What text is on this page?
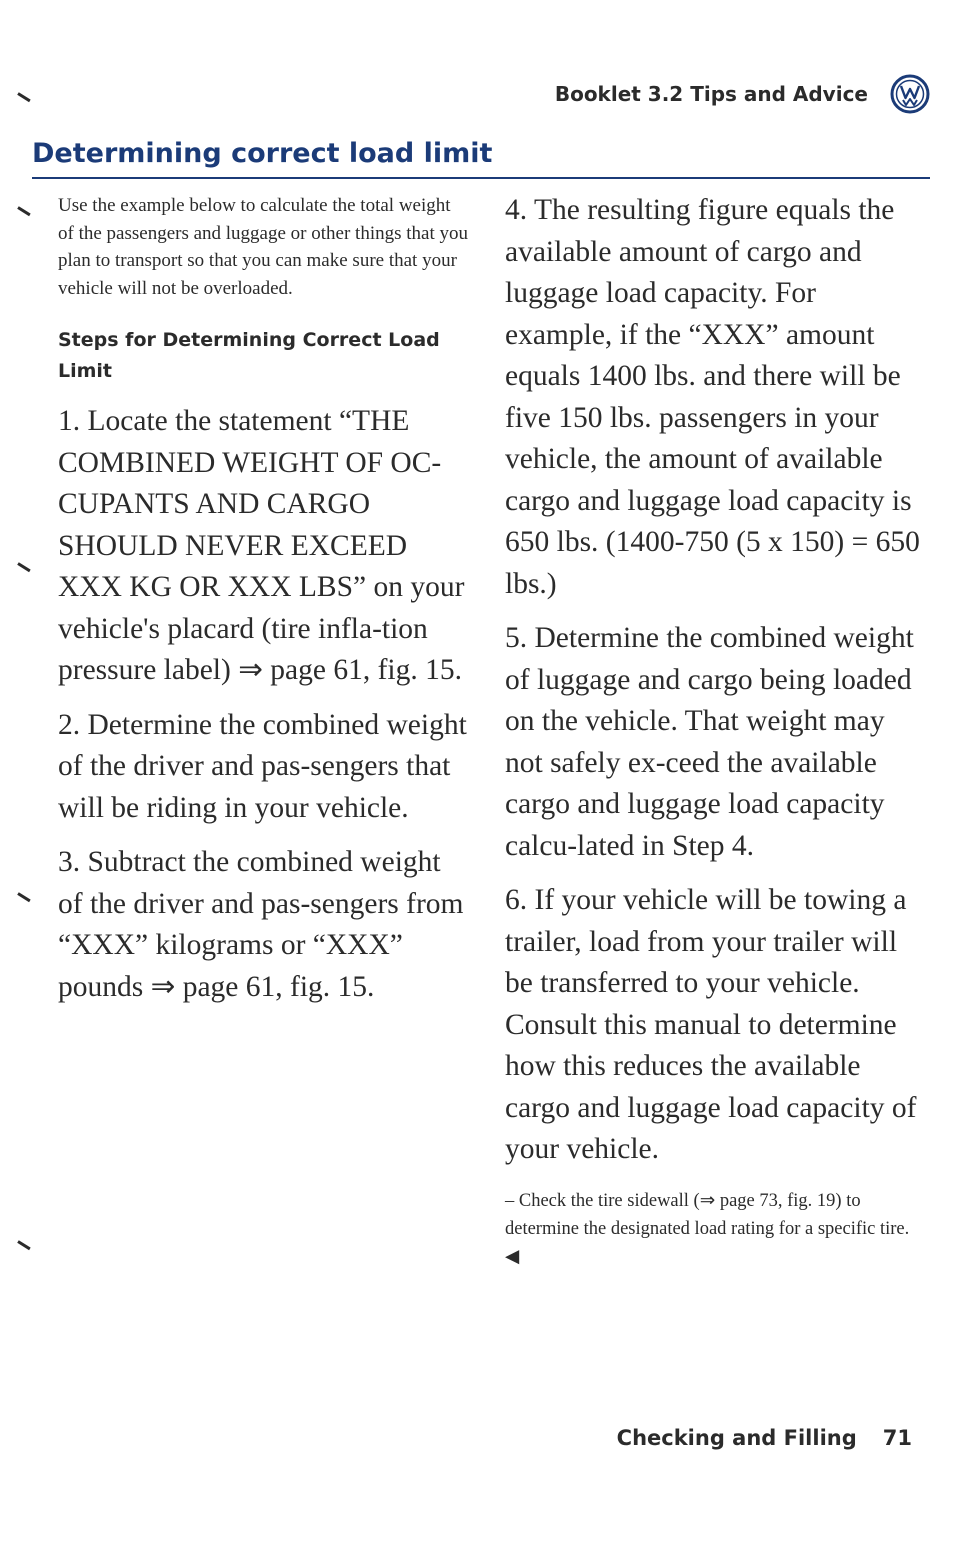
Booklet 3.2 Tips and Advice
Determining correct load limit

Use the example below to calculate the total weight of the passengers and luggage or other things that you plan to transport so that you can make sure that your vehicle will not be overloaded.

Steps for Determining Correct Load Limit

1. Locate the statement “THE COMBINED WEIGHT OF OC-CUPANTS AND CARGO SHOULD NEVER EXCEED XXX KG OR XXX LBS” on your vehicle's placard (tire infla-tion pressure label) ⇒ page 61, fig. 15.

2. Determine the combined weight of the driver and pas-sengers that will be riding in your vehicle.

3. Subtract the combined weight of the driver and pas-sengers from “XXX” kilograms or “XXX” pounds ⇒ page 61, fig. 15.

4. The resulting figure equals the available amount of cargo and luggage load capacity. For example, if the “XXX” amount equals 1400 lbs. and there will be five 150 lbs. passengers in your vehicle, the amount of available cargo and luggage load capacity is 650 lbs. (1400-750 (5 x 150) = 650 lbs.)

5. Determine the combined weight of luggage and cargo being loaded on the vehicle. That weight may not safely ex-ceed the available cargo and luggage load capacity calcu-lated in Step 4.

6. If your vehicle will be towing a trailer, load from your trailer will be transferred to your vehicle. Consult this manual to determine how this reduces the available cargo and luggage load capacity of your vehicle.

– Check the tire sidewall (⇒ page 73, fig. 19) to determine the designated load rating for a specific tire. ◀

Checking and Filling 71
